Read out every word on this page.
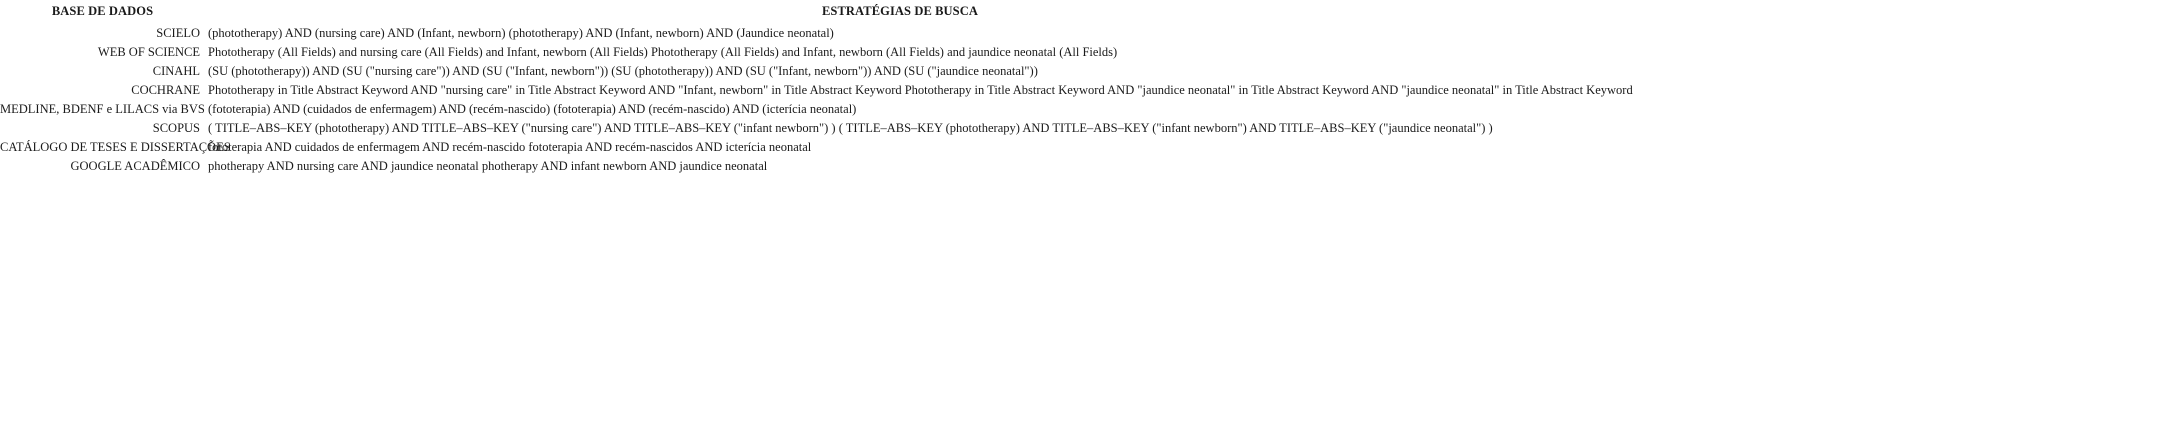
BASE DE DADOS	ESTRATÉGIAS DE BUSCA
SCIELO	(phototherapy) AND (nursing care) AND (Infant, newborn) (phototherapy) AND (Infant, newborn) AND (Jaundice neonatal)
WEB OF SCIENCE	Phototherapy (All Fields) and nursing care (All Fields) and Infant, newborn (All Fields) Phototherapy (All Fields) and Infant, newborn (All Fields) and jaundice neonatal (All Fields)
CINAHL	(SU (phototherapy)) AND (SU ("nursing care")) AND (SU ("Infant, newborn")) (SU (phototherapy)) AND (SU ("Infant, newborn")) AND (SU ("jaundice neonatal"))
COCHRANE	Phototherapy in Title Abstract Keyword AND "nursing care" in Title Abstract Keyword AND "Infant, newborn" in Title Abstract Keyword Phototherapy in Title Abstract Keyword AND "jaundice neonatal" in Title Abstract Keyword AND "jaundice neonatal" in Title Abstract Keyword
MEDLINE, BDENF e LILACS via BVS	(fototerapia) AND (cuidados de enfermagem) AND (recém-nascido) (fototerapia) AND (recém-nascido) AND (icterícia neonatal)
SCOPUS	( TITLE–ABS–KEY (phototherapy) AND TITLE–ABS–KEY ("nursing care") AND TITLE–ABS–KEY ("infant newborn") ) ( TITLE–ABS–KEY (phototherapy) AND TITLE–ABS–KEY ("infant newborn") AND TITLE–ABS–KEY ("jaundice neonatal") )
CATÁLOGO DE TESES E DISSERTAÇÕES	fototerapia AND cuidados de enfermagem AND recém-nascido fototerapia AND recém-nascidos AND icterícia neonatal
GOOGLE ACADÊMICO	photherapy AND nursing care AND jaundice neonatal photherapy AND infant newborn AND jaundice neonatal
